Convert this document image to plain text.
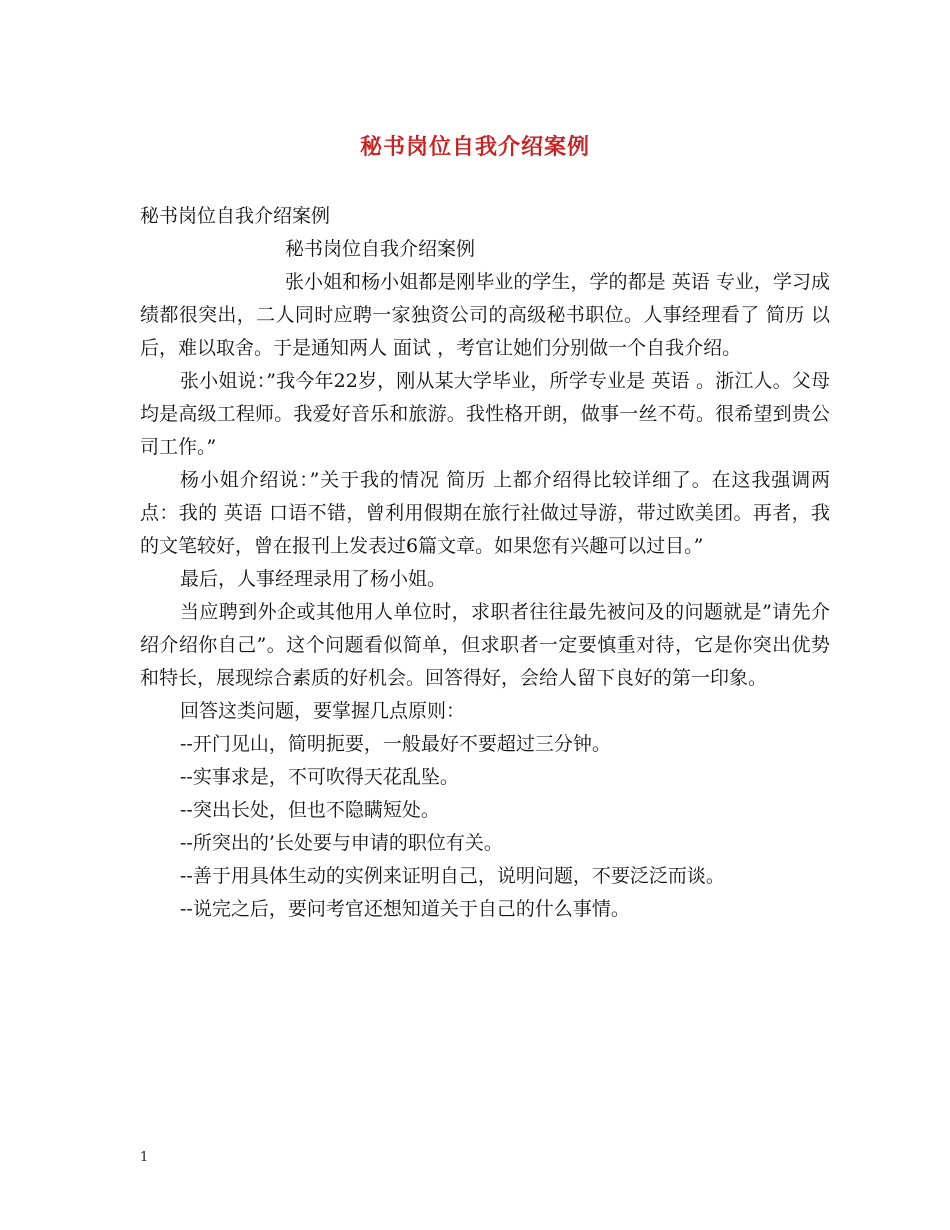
秘书岗位自我介绍案例

秘书岗位自我介绍案例

秘书岗位自我介绍案例

张小姐和杨小姐都是刚毕业的学生，学的都是 英语 专业，学习成绩都很突出，二人同时应聘一家独资公司的高级秘书职位。人事经理看了 简历 以后，难以取舍。于是通知两人 面试 ，考官让她们分别做一个自我介绍。

张小姐说：”我今年22岁，刚从某大学毕业，所学专业是 英语 。浙江人。父母均是高级工程师。我爱好音乐和旅游。我性格开朗，做事一丝不苟。很希望到贵公司工作。”

杨小姐介绍说：”关于我的情况 简历 上都介绍得比较详细了。在这我强调两点：我的 英语 口语不错，曾利用假期在旅行社做过导游，带过欧美团。再者，我的文笔较好，曾在报刊上发表过6篇文章。如果您有兴趣可以过目。”

最后，人事经理录用了杨小姐。

当应聘到外企或其他用人单位时，求职者往往最先被问及的问题就是”请先介绍介绍你自己”。这个问题看似简单，但求职者一定要慎重对待，它是你突出优势和特长，展现综合素质的好机会。回答得好，会给人留下良好的第一印象。

回答这类问题，要掌握几点原则：

--开门见山，简明扼要，一般最好不要超过三分钟。

--实事求是，不可吹得天花乱坠。

--突出长处，但也不隐瞒短处。

--所突出的’长处要与申请的职位有关。

--善于用具体生动的实例来证明自己，说明问题，不要泛泛而谈。

--说完之后，要问考官还想知道关于自己的什么事情。

1
